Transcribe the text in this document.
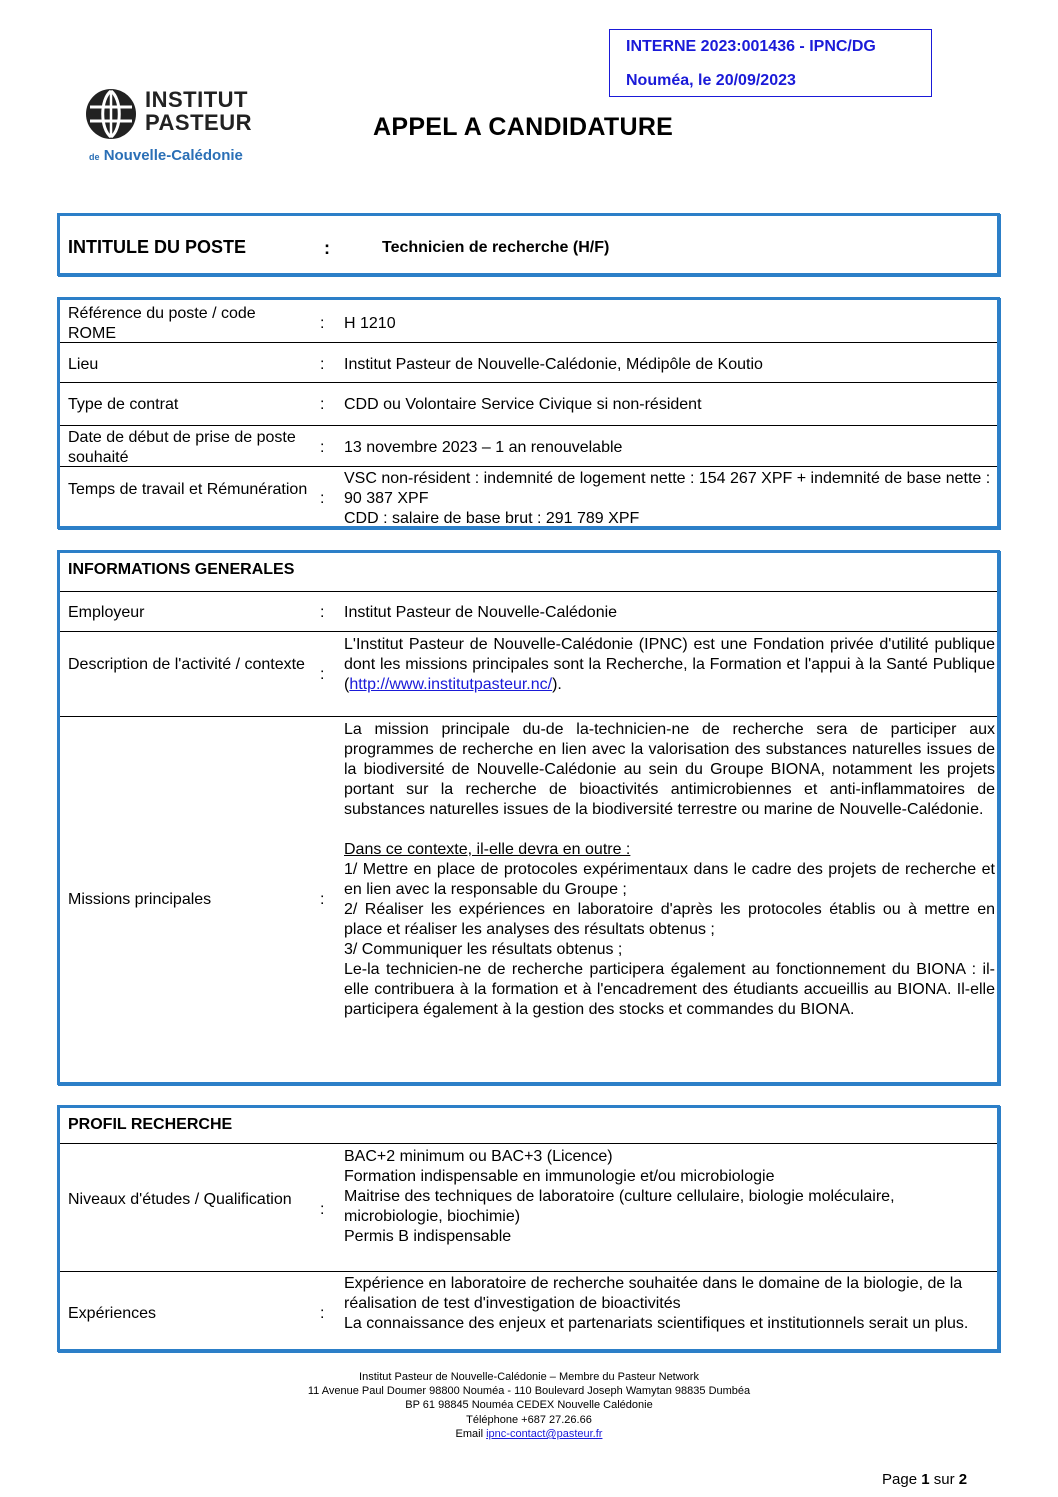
INTERNE 2023:001436 - IPNC/DG
Nouméa, le 20/09/2023
INSTITUT
PASTEUR
de Nouvelle-Calédonie
APPEL A CANDIDATURE
INTITULE DU POSTE	:	Technicien de recherche (H/F)
Référence du poste / code ROME
: H 1210
Lieu	: Institut Pasteur de Nouvelle-Calédonie, Médipôle de Koutio
Type de contrat	: CDD ou Volontaire Service Civique si non-résident
Date de début de prise de poste souhaité
: 13 novembre 2023 – 1 an renouvelable
Temps de travail et Rémunération
:
VSC non-résident : indemnité de logement nette : 154 267 XPF + indemnité de base nette : 90 387 XPF
CDD : salaire de base brut : 291 789 XPF
INFORMATIONS GENERALES
Employeur	: Institut Pasteur de Nouvelle-Calédonie
Description de l'activité / contexte
:
L'Institut Pasteur de Nouvelle-Calédonie (IPNC) est une Fondation privée d'utilité publique dont les missions principales sont la Recherche, la Formation et l'appui à la Santé Publique (http://www.institutpasteur.nc/).
Missions principales	:
La mission principale du-de la-technicien-ne de recherche sera de participer aux programmes de recherche en lien avec la valorisation des substances naturelles issues de la biodiversité de Nouvelle-Calédonie au sein du Groupe BIONA, notamment les projets portant sur la recherche de bioactivités antimicrobiennes et anti-inflammatoires de substances naturelles issues de la biodiversité terrestre ou marine de Nouvelle-Calédonie.
Dans ce contexte, il-elle devra en outre :
1/ Mettre en place de protocoles expérimentaux dans le cadre des projets de recherche et en lien avec la responsable du Groupe ;
2/ Réaliser les expériences en laboratoire d'après les protocoles établis ou à mettre en place et réaliser les analyses des résultats obtenus ;
3/ Communiquer les résultats obtenus ;
Le-la technicien-ne de recherche participera également au fonctionnement du BIONA : il-elle contribuera à la formation et à l'encadrement des étudiants accueillis au BIONA. Il-elle participera également à la gestion des stocks et commandes du BIONA.
PROFIL RECHERCHE
Niveaux d'études / Qualification
:
BAC+2 minimum ou BAC+3 (Licence)
Formation indispensable en immunologie et/ou microbiologie
Maitrise des techniques de laboratoire (culture cellulaire, biologie moléculaire, microbiologie, biochimie)
Permis B indispensable
Expériences	:
Expérience en laboratoire de recherche souhaitée dans le domaine de la biologie, de la réalisation de test d'investigation de bioactivités
La connaissance des enjeux et partenariats scientifiques et institutionnels serait un plus.
Institut Pasteur de Nouvelle-Calédonie – Membre du Pasteur Network
11 Avenue Paul Doumer 98800 Nouméa - 110 Boulevard Joseph Wamytan 98835 Dumbéa
BP 61 98845 Nouméa CEDEX Nouvelle Calédonie
Téléphone +687 27.26.66
Email ipnc-contact@pasteur.fr
Page 1 sur 2
